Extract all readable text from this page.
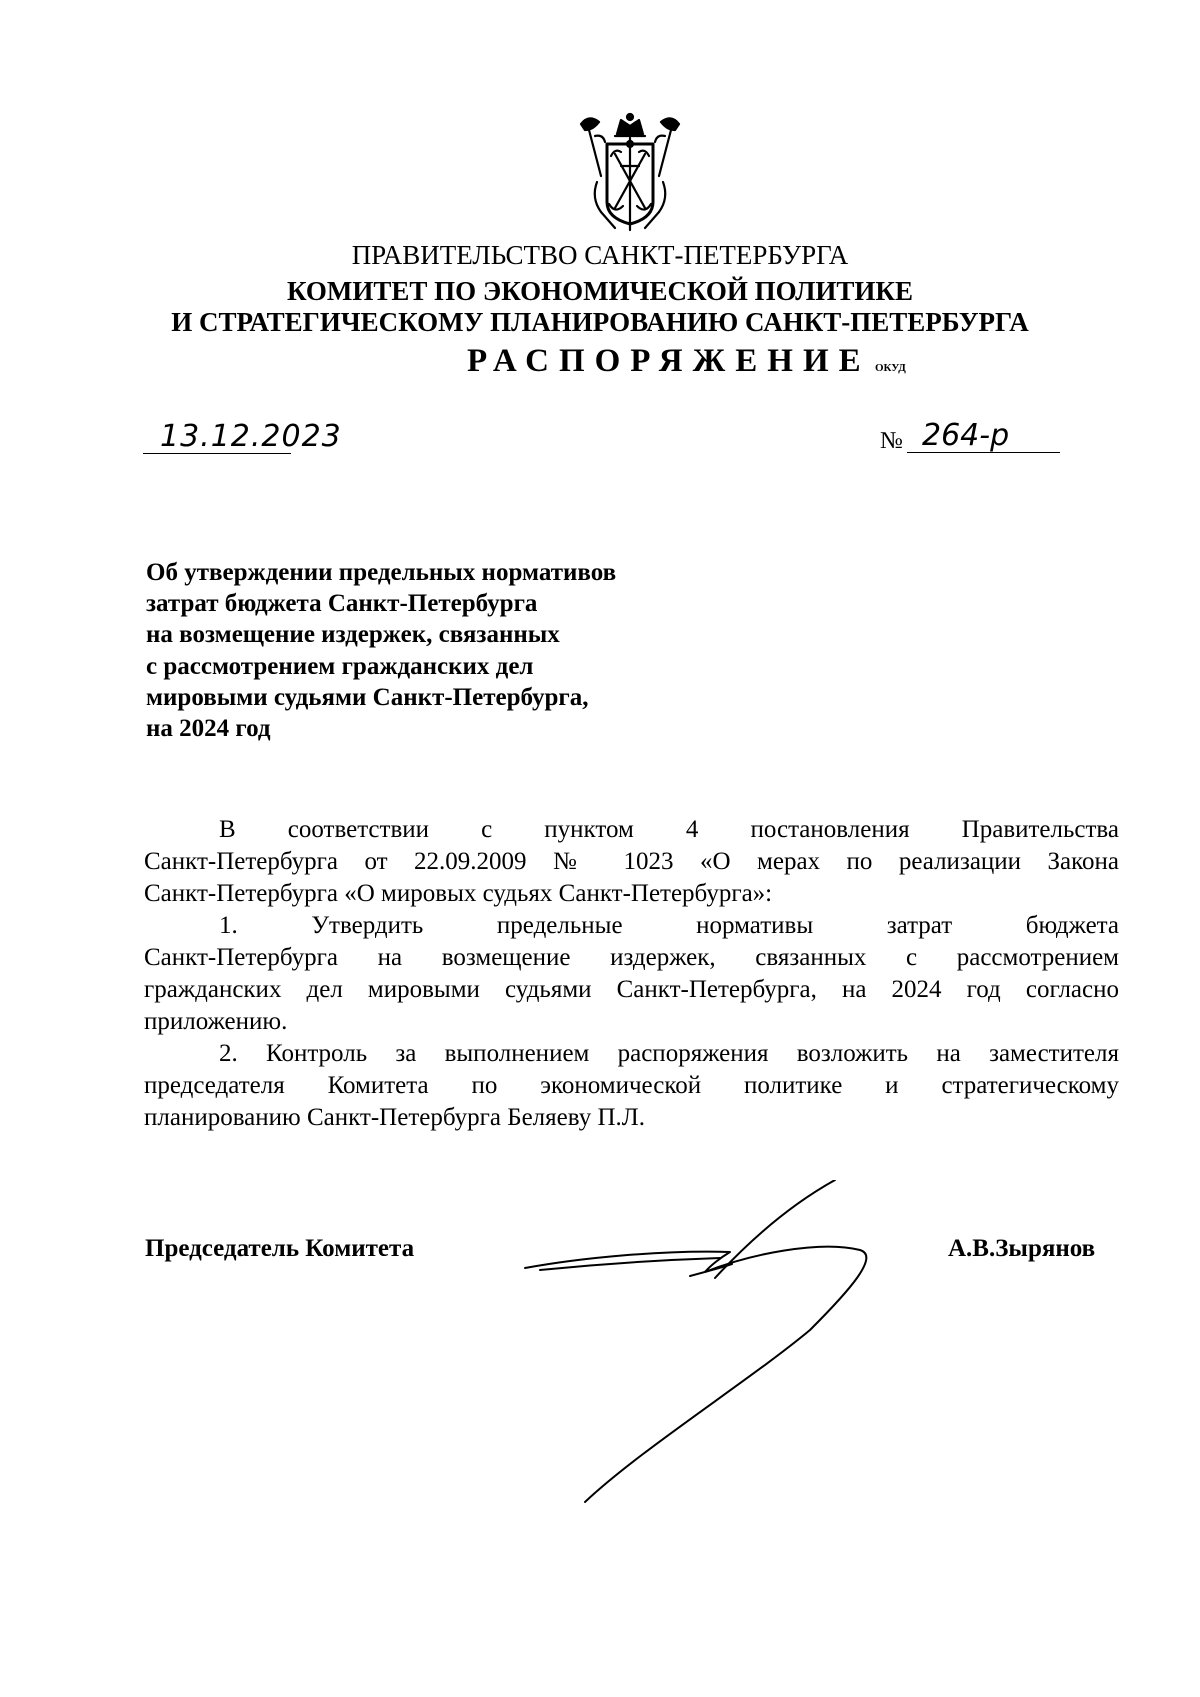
ПРАВИТЕЛЬСТВО САНКТ-ПЕТЕРБУРГА
КОМИТЕТ ПО ЭКОНОМИЧЕСКОЙ ПОЛИТИКЕ
И СТРАТЕГИЧЕСКОМУ ПЛАНИРОВАНИЮ САНКТ-ПЕТЕРБУРГА
РАСПОРЯЖЕНИЕ ОКУД
13.12.2023	№ 264-р
Об утверждении предельных нормативов
затрат бюджета Санкт-Петербурга
на возмещение издержек, связанных
с рассмотрением гражданских дел
мировыми судьями Санкт-Петербурга,
на 2024 год
В соответствии с пунктом 4 постановления Правительства
Санкт-Петербурга от 22.09.2009 № 1023 «О мерах по реализации Закона
Санкт-Петербурга «О мировых судьях Санкт-Петербурга»:
1. Утвердить предельные нормативы затрат бюджета
Санкт-Петербурга на возмещение издержек, связанных с рассмотрением
гражданских дел мировыми судьями Санкт-Петербурга, на 2024 год согласно
приложению.
2. Контроль за выполнением распоряжения возложить на заместителя
председателя Комитета по экономической политике и стратегическому
планированию Санкт-Петербурга Беляеву П.Л.
Председатель Комитета	А.В.Зырянов
